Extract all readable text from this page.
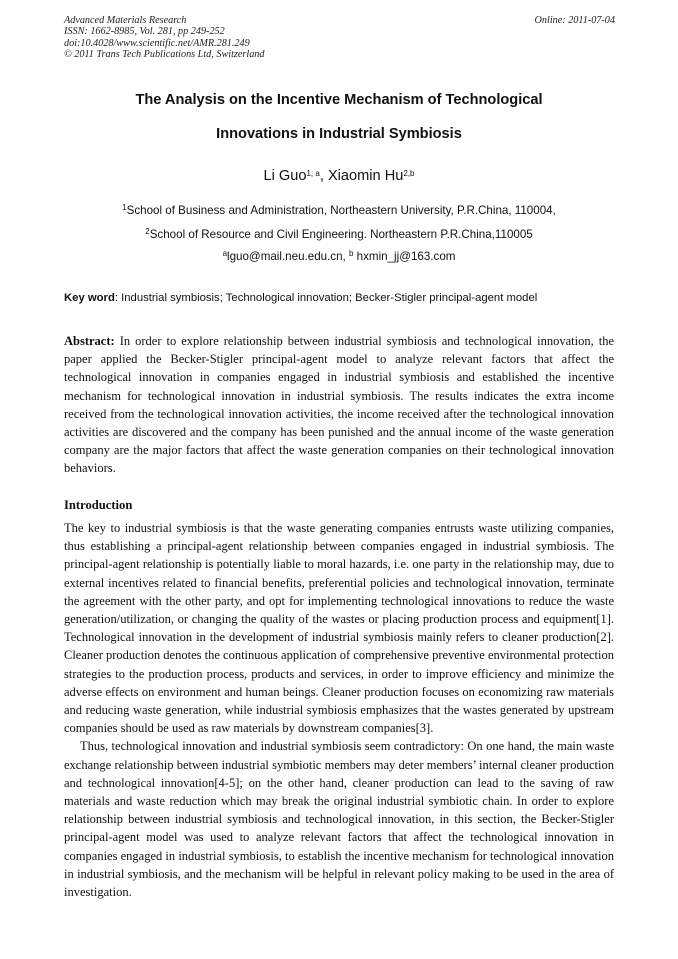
Advanced Materials Research
ISSN: 1662-8985, Vol. 281, pp 249-252
doi:10.4028/www.scientific.net/AMR.281.249
© 2011 Trans Tech Publications Ltd, Switzerland
Online: 2011-07-04
The Analysis on the Incentive Mechanism of Technological
Innovations in Industrial Symbiosis
Li Guo$^{1, a}$, Xiaomin Hu$^{2,b}$
$^1$School of Business and Administration, Northeastern University, P.R.China, 110004,
$^2$School of Resource and Civil Engineering. Northeastern P.R.China,110005
$^a$lguo@mail.neu.edu.cn, $^b$ hxmin_jj@163.com
Key word: Industrial symbiosis; Technological innovation; Becker-Stigler principal-agent model
Abstract: In order to explore relationship between industrial symbiosis and technological innovation, the paper applied the Becker-Stigler principal-agent model to analyze relevant factors that affect the technological innovation in companies engaged in industrial symbiosis and established the incentive mechanism for technological innovation in industrial symbiosis. The results indicates the extra income received from the technological innovation activities, the income received after the technological innovation activities are discovered and the company has been punished and the annual income of the waste generation company are the major factors that affect the waste generation companies on their technological innovation behaviors.
Introduction

The key to industrial symbiosis is that the waste generating companies entrusts waste utilizing companies, thus establishing a principal-agent relationship between companies engaged in industrial symbiosis. The principal-agent relationship is potentially liable to moral hazards, i.e. one party in the relationship may, due to external incentives related to financial benefits, preferential policies and technological innovation, terminate the agreement with the other party, and opt for implementing technological innovations to reduce the waste generation/utilization, or changing the quality of the wastes or placing production process and equipment[1]. Technological innovation in the development of industrial symbiosis mainly refers to cleaner production[2]. Cleaner production denotes the continuous application of comprehensive preventive environmental protection strategies to the production process, products and services, in order to improve efficiency and minimize the adverse effects on environment and human beings. Cleaner production focuses on economizing raw materials and reducing waste generation, while industrial symbiosis emphasizes that the wastes generated by upstream companies should be used as raw materials by downstream companies[3].

Thus, technological innovation and industrial symbiosis seem contradictory: On one hand, the main waste exchange relationship between industrial symbiotic members may deter members’ internal cleaner production and technological innovation[4-5]; on the other hand, cleaner production can lead to the saving of raw materials and waste reduction which may break the original industrial symbiotic chain. In order to explore relationship between industrial symbiosis and technological innovation, in this section, the Becker-Stigler principal-agent model was used to analyze relevant factors that affect the technological innovation in companies engaged in industrial symbiosis, to establish the incentive mechanism for technological innovation in industrial symbiosis, and the mechanism will be helpful in relevant policy making to be used in the area of investigation.
